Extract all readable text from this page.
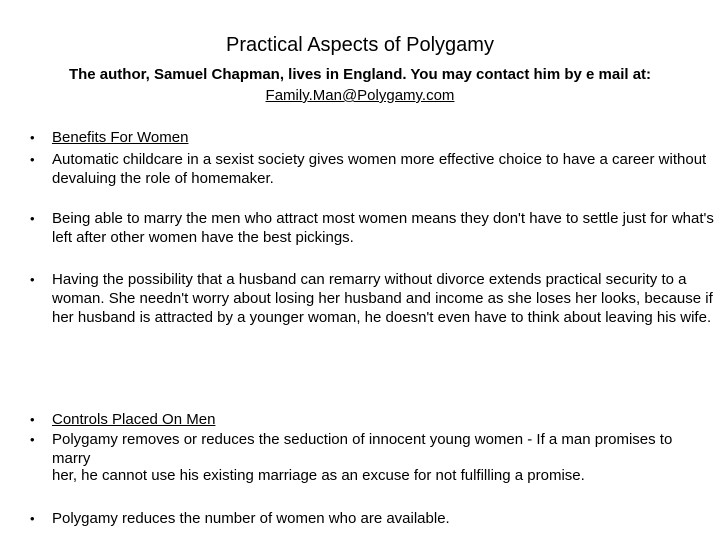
Practical Aspects of Polygamy
The author, Samuel Chapman, lives in England. You may contact him by e mail at:
Family.Man@Polygamy.com
•	Benefits For Women
•	Automatic childcare in a sexist society gives women more effective choice to have a career without devaluing the role of homemaker.
•	Being able to marry the men who attract most women means they don't have to settle just for what's left after other women have the best pickings.
•	Having the possibility that a husband can remarry without divorce extends practical security to a woman. She needn't worry about losing her husband and income as she loses her looks, because if her husband is attracted by a younger woman, he doesn't even have to think about leaving his wife.
•	Controls Placed On Men
•	Polygamy removes or reduces the seduction of innocent young women - If a man promises to marry
her, he cannot use his existing marriage as an excuse for not fulfilling a promise.
•	Polygamy reduces the number of women who are available.
